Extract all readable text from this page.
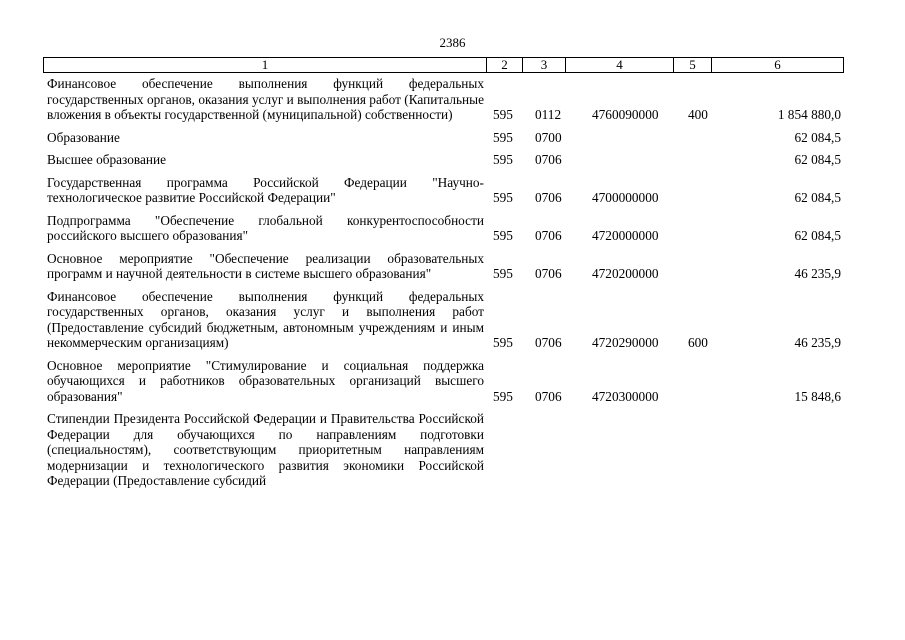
2386
1	2	3	4	5	6
Финансовое обеспечение выполнения функций федеральных государственных органов, оказания услуг и выполнения работ (Капитальные вложения в объекты государственной (муниципальной) собственности)	595 0112 4760090000 400	1 854 880,0
Образование	595 0700	62 084,5
Высшее образование	595 0706	62 084,5
Государственная программа Российской Федерации "Научно-технологическое развитие Российской Федерации"	595 0706 4700000000	62 084,5
Подпрограмма "Обеспечение глобальной конкурентоспособности российского высшего образования"	595 0706 4720000000	62 084,5
Основное мероприятие "Обеспечение реализации образовательных программ и научной деятельности в системе высшего образования"	595 0706 4720200000	46 235,9
Финансовое обеспечение выполнения функций федеральных государственных органов, оказания услуг и выполнения работ (Предоставление субсидий бюджетным, автономным учреждениям и иным некоммерческим организациям)	595 0706 4720290000 600	46 235,9
Основное мероприятие "Стимулирование и социальная поддержка обучающихся и работников образовательных организаций высшего образования"	595 0706 4720300000	15 848,6
Стипендии Президента Российской Федерации и Правительства Российской Федерации для обучающихся по направлениям подготовки (специальностям), соответствующим приоритетным направлениям модернизации и технологического развития экономики Российской Федерации (Предоставление субсидий
